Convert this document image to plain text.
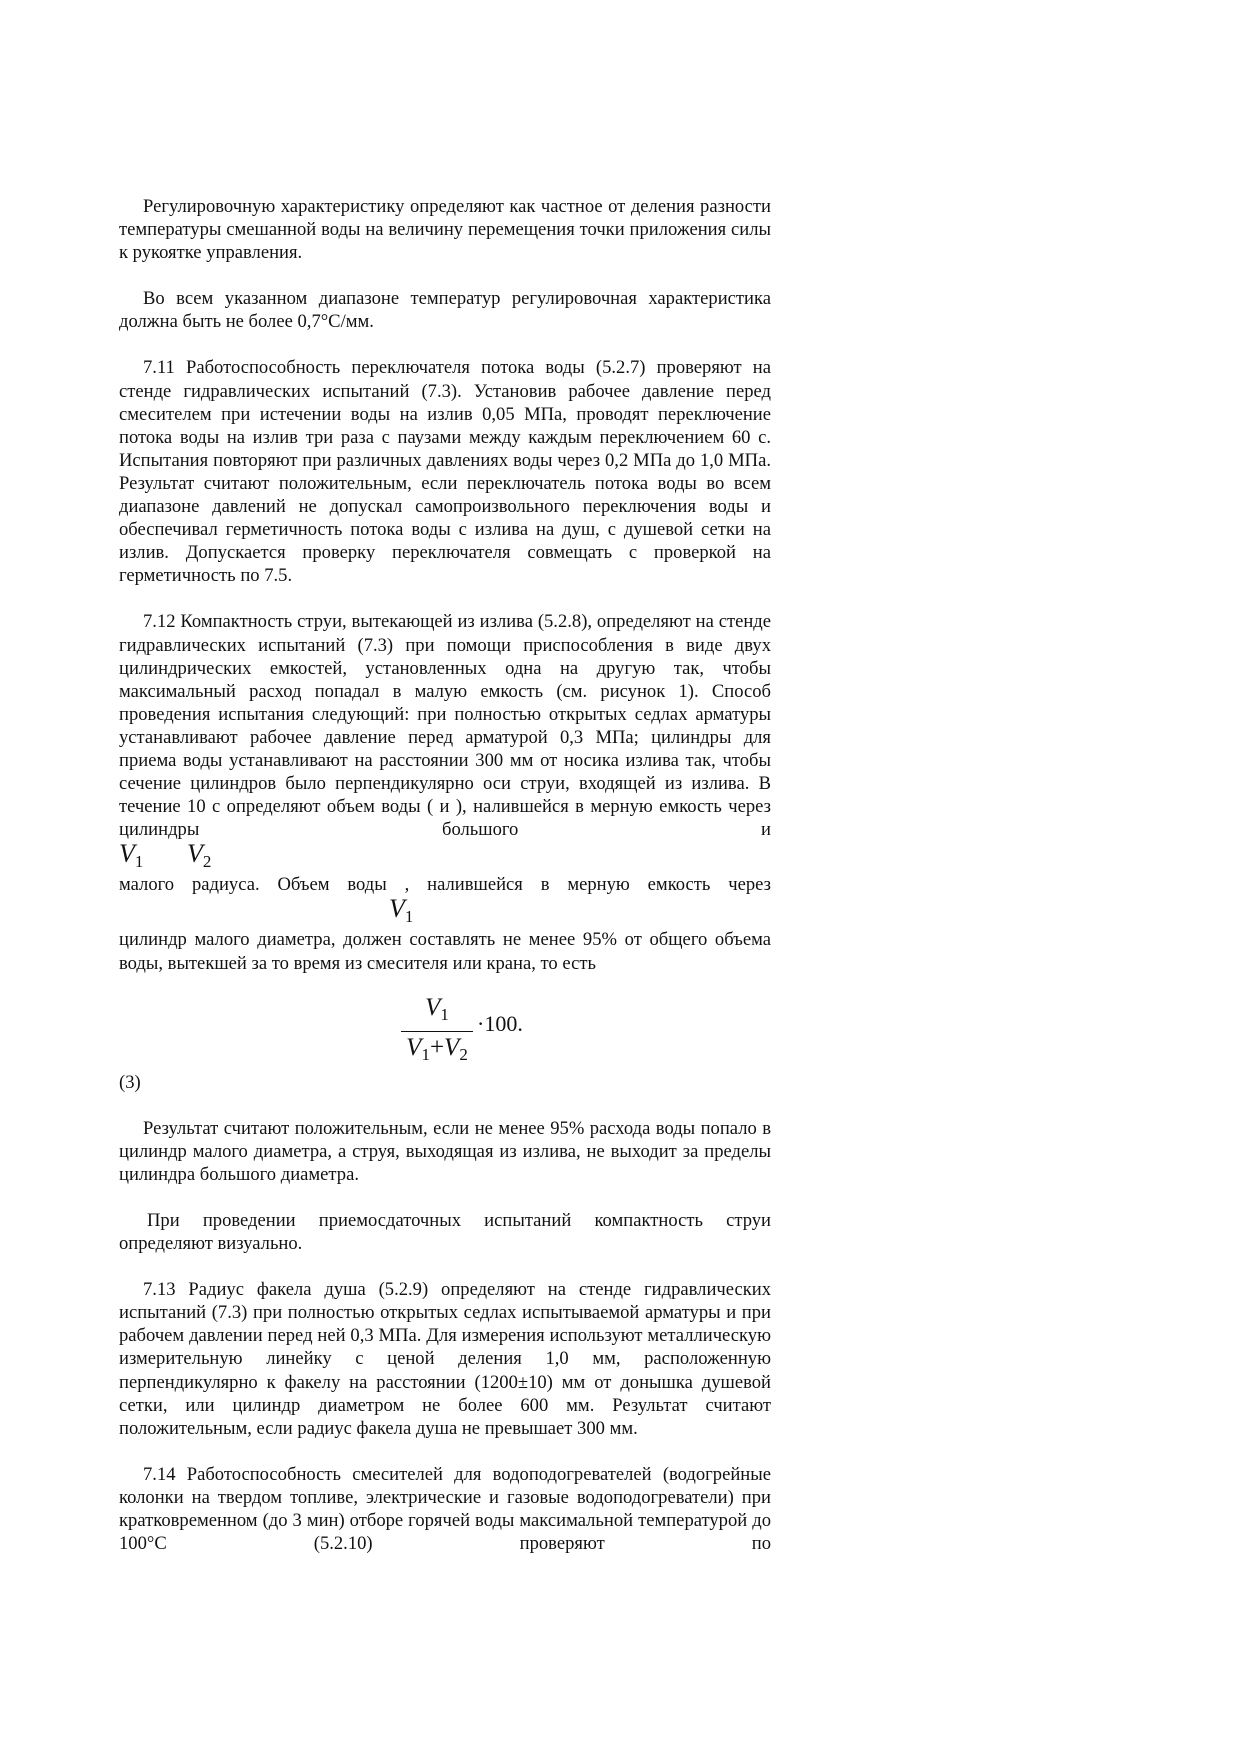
Регулировочную характеристику определяют как частное от деления разности температуры смешанной воды на величину перемещения точки приложения силы к рукоятке управления.

Во всем указанном диапазоне температур регулировочная характеристика должна быть не более 0,7°С/мм.

7.11 Работоспособность переключателя потока воды (5.2.7) проверяют на стенде гидравлических испытаний (7.3). Установив рабочее давление перед смесителем при истечении воды на излив 0,05 МПа, проводят переключение потока воды на излив три раза с паузами между каждым переключением 60 с. Испытания повторяют при различных давлениях воды через 0,2 МПа до 1,0 МПа. Результат считают положительным, если переключатель потока воды во всем диапазоне давлений не допускал самопроизвольного переключения воды и обеспечивал герметичность потока воды с излива на душ, с душевой сетки на излив. Допускается проверку переключателя совмещать с проверкой на герметичность по 7.5.

7.12 Компактность струи, вытекающей из излива (5.2.8), определяют на стенде гидравлических испытаний (7.3) при помощи приспособления в виде двух цилиндрических емкостей, установленных одна на другую так, чтобы максимальный расход попадал в малую емкость (см. рисунок 1). Способ проведения испытания следующий: при полностью открытых седлах арматуры устанавливают рабочее давление перед арматурой 0,3 МПа; цилиндры для приема воды устанавливают на расстоянии 300 мм от носика излива так, чтобы сечение цилиндров было перпендикулярно оси струи, входящей из излива. В течение 10 с определяют объем воды ( и ), налившейся в мерную емкость через цилиндры большого и

$V_1$ $V_2$

малого радиуса. Объем воды , налившейся в мерную емкость через

$V_1$

цилиндр малого диаметра, должен составлять не менее 95% от общего объема воды, вытекшей за то время из смесителя или крана, то есть

$V_1$
$V_1+V_2$
·100.
(3)

Результат считают положительным, если не менее 95% расхода воды попало в цилиндр малого диаметра, а струя, выходящая из излива, не выходит за пределы цилиндра большого диаметра.

При проведении приемосдаточных испытаний компактность струи определяют визуально.

7.13 Радиус факела душа (5.2.9) определяют на стенде гидравлических испытаний (7.3) при полностью открытых седлах испытываемой арматуры и при рабочем давлении перед ней 0,3 МПа. Для измерения используют металлическую измерительную линейку с ценой деления 1,0 мм, расположенную перпендикулярно к факелу на расстоянии (1200±10) мм от донышка душевой сетки, или цилиндр диаметром не более 600 мм. Результат считают положительным, если радиус факела душа не превышает 300 мм.

7.14 Работоспособность смесителей для водоподогревателей (водогрейные колонки на твердом топливе, электрические и газовые водоподогреватели) при кратковременном (до 3 мин) отборе горячей воды максимальной температурой до 100°С (5.2.10) проверяют по
